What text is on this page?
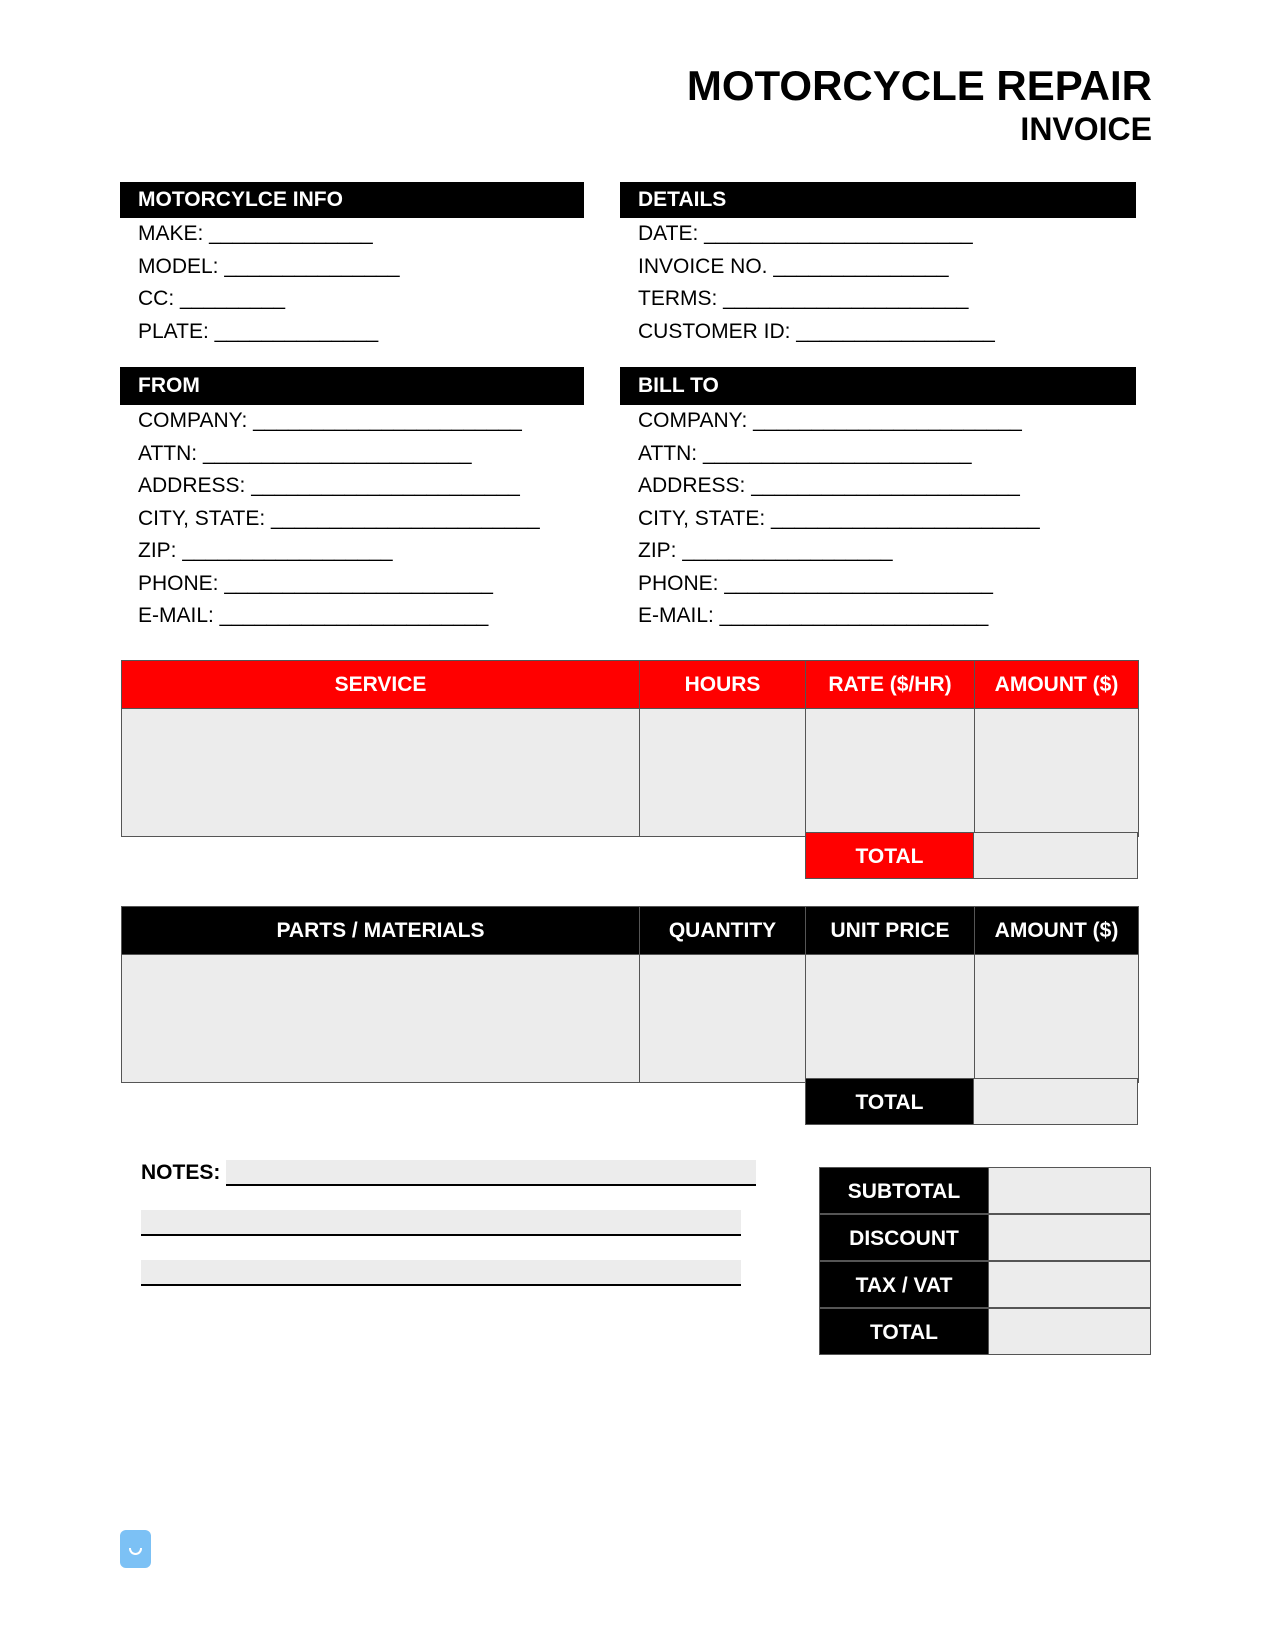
MOTORCYCLE REPAIR
INVOICE
MOTORCYLCE INFO
MAKE: ______________
MODEL: _______________
CC: _________
PLATE: ______________
DETAILS
DATE: _______________________
INVOICE NO. _______________
TERMS: _____________________
CUSTOMER ID: _________________
FROM
COMPANY: _______________________
ATTN: _______________________
ADDRESS: _______________________
CITY, STATE: _______________________
ZIP: __________________
PHONE: _______________________
E-MAIL: _______________________
BILL TO
COMPANY: _______________________
ATTN: _______________________
ADDRESS: _______________________
CITY, STATE: _______________________
ZIP: __________________
PHONE: _______________________
E-MAIL: _______________________
SERVICE	HOURS	RATE ($/HR)	AMOUNT ($)

TOTAL
PARTS / MATERIALS	QUANTITY	UNIT PRICE	AMOUNT ($)

TOTAL
NOTES:
SUBTOTAL
DISCOUNT
TAX / VAT
TOTAL
